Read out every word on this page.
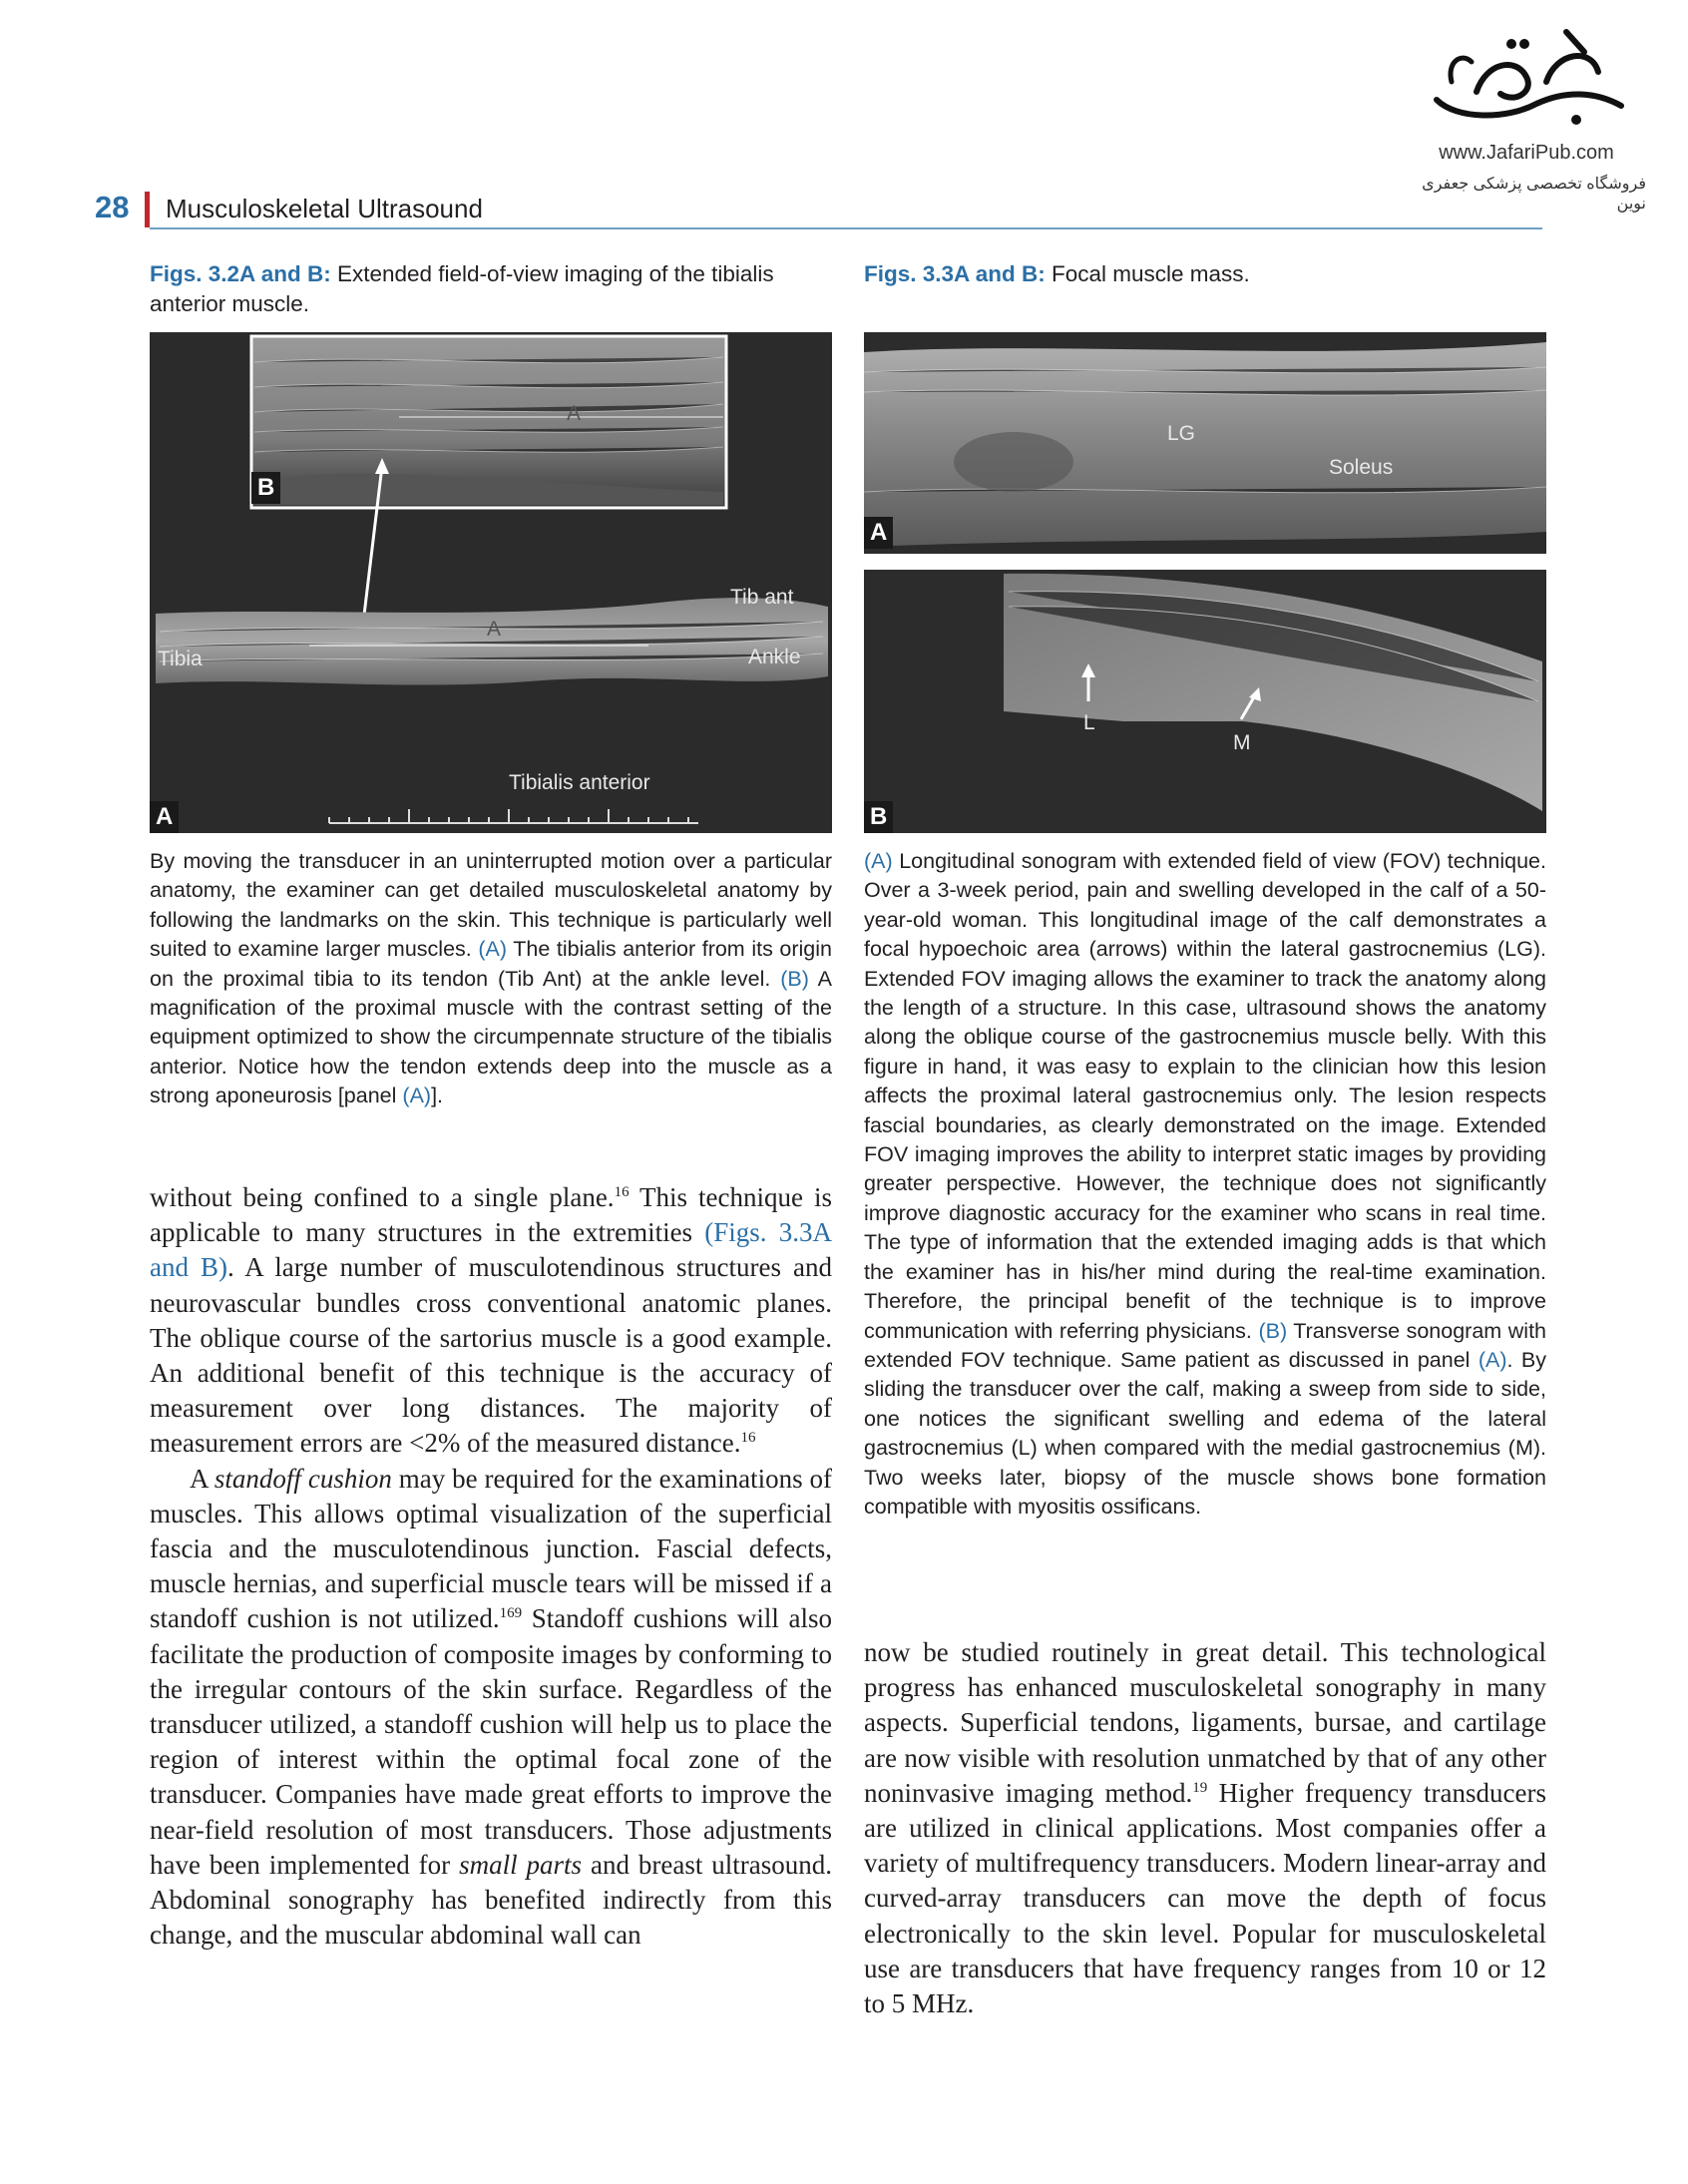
28 Musculoskeletal Ultrasound
www.JafariPub.com
فروشگاه تخصصی پزشکی جعفری نوین
Figs. 3.2A and B: Extended field-of-view imaging of the tibialis anterior muscle.
Figs. 3.3A and B: Focal muscle mass.
B
A
A
A
Tib ant
Tibia	Ankle
Tibialis anterior
A
B
LG
Soleus
L
M
By moving the transducer in an uninterrupted motion over a particular anatomy, the examiner can get detailed musculoskeletal anatomy by following the landmarks on the skin. This technique is particularly well suited to examine larger muscles. (A) The tibialis anterior from its origin on the proximal tibia to its tendon (Tib Ant) at the ankle level. (B) A magnification of the proximal muscle with the contrast setting of the equipment optimized to show the circumpennate structure of the tibialis anterior. Notice how the tendon extends deep into the muscle as a strong aponeurosis [panel (A)].
(A) Longitudinal sonogram with extended field of view (FOV) technique. Over a 3-week period, pain and swelling developed in the calf of a 50-year-old woman. This longitudinal image of the calf demonstrates a focal hypoechoic area (arrows) within the lateral gastrocnemius (LG). Extended FOV imaging allows the examiner to track the anatomy along the length of a structure. In this case, ultrasound shows the anatomy along the oblique course of the gastrocnemius muscle belly. With this figure in hand, it was easy to explain to the clinician how this lesion affects the proximal lateral gastrocnemius only. The lesion respects fascial boundaries, as clearly demonstrated on the image. Extended FOV imaging improves the ability to interpret static images by providing greater perspective. However, the technique does not significantly improve diagnostic accuracy for the examiner who scans in real time. The type of information that the extended imaging adds is that which the examiner has in his/her mind during the real-time examination. Therefore, the principal benefit of the technique is to improve communication with referring physicians. (B) Transverse sonogram with extended FOV technique. Same patient as discussed in panel (A). By sliding the transducer over the calf, making a sweep from side to side, one notices the significant swelling and edema of the lateral gastrocnemius (L) when compared with the medial gastrocnemius (M). Two weeks later, biopsy of the muscle shows bone formation compatible with myositis ossificans.

without being confined to a single plane.$^{16}$ This technique is applicable to many structures in the extremities (Figs. 3.3A and B). A large number of musculotendinous structures and neurovascular bundles cross conventional anatomic planes. The oblique course of the sartorius muscle is a good example. An additional benefit of this technique is the accuracy of measurement over long distances. The majority of measurement errors are <2% of the measured distance.$^{16}$

A standoff cushion may be required for the examinations of muscles. This allows optimal visualization of the superficial fascia and the musculotendinous junction. Fascial defects, muscle hernias, and superficial muscle tears will be missed if a standoff cushion is not utilized.$^{169}$ Standoff cushions will also facilitate the production of composite images by conforming to the irregular contours of the skin surface. Regardless of the transducer utilized, a standoff cushion will help us to place the region of interest within the optimal focal zone of the transducer. Companies have made great efforts to improve the near-field resolution of most transducers. Those adjustments have been implemented for small parts and breast ultrasound. Abdominal sonography has benefited indirectly from this change, and the muscular abdominal wall can

now be studied routinely in great detail. This technological progress has enhanced musculoskeletal sonography in many aspects. Superficial tendons, ligaments, bursae, and cartilage are now visible with resolution unmatched by that of any other noninvasive imaging method.$^{19}$ Higher frequency transducers are utilized in clinical applications. Most companies offer a variety of multifrequency transducers. Modern linear-array and curved-array transducers can move the depth of focus electronically to the skin level. Popular for musculoskeletal use are transducers that have frequency ranges from 10 or 12 to 5 MHz.
